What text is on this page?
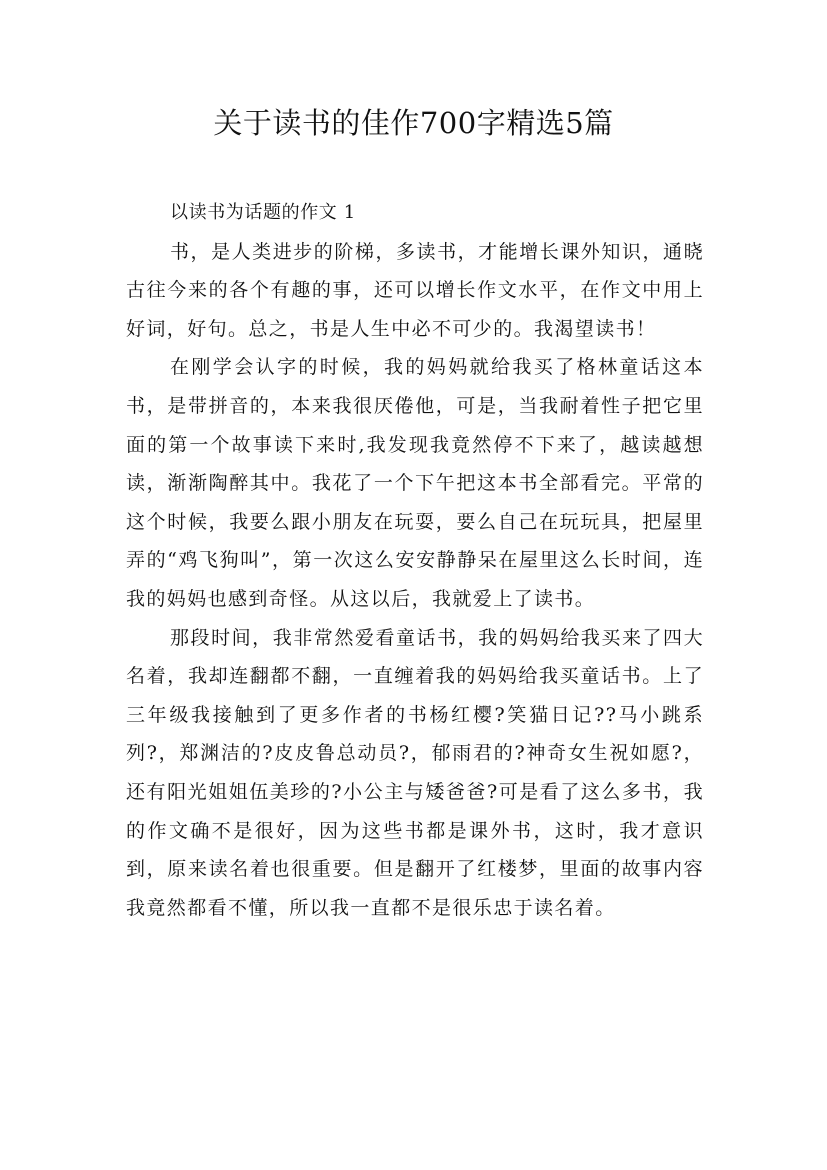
关于读书的佳作700字精选5篇

以读书为话题的作文 1

书，是人类进步的阶梯，多读书，才能增长课外知识，通晓古往今来的各个有趣的事，还可以增长作文水平，在作文中用上好词，好句。总之，书是人生中必不可少的。我渴望读书！

在刚学会认字的时候，我的妈妈就给我买了格林童话这本书，是带拼音的，本来我很厌倦他，可是，当我耐着性子把它里面的第一个故事读下来时,我发现我竟然停不下来了，越读越想读，渐渐陶醉其中。我花了一个下午把这本书全部看完。平常的这个时候，我要么跟小朋友在玩耍，要么自己在玩玩具，把屋里弄的“鸡飞狗叫”，第一次这么安安静静呆在屋里这么长时间，连我的妈妈也感到奇怪。从这以后，我就爱上了读书。

那段时间，我非常然爱看童话书，我的妈妈给我买来了四大名着，我却连翻都不翻，一直缠着我的妈妈给我买童话书。上了三年级我接触到了更多作者的书杨红樱?笑猫日记??马小跳系列?，郑渊洁的?皮皮鲁总动员?，郁雨君的?神奇女生祝如愿?，还有阳光姐姐伍美珍的?小公主与矮爸爸?可是看了这么多书，我的作文确不是很好，因为这些书都是课外书，这时，我才意识到，原来读名着也很重要。但是翻开了红楼梦，里面的故事内容我竟然都看不懂，所以我一直都不是很乐忠于读名着。
